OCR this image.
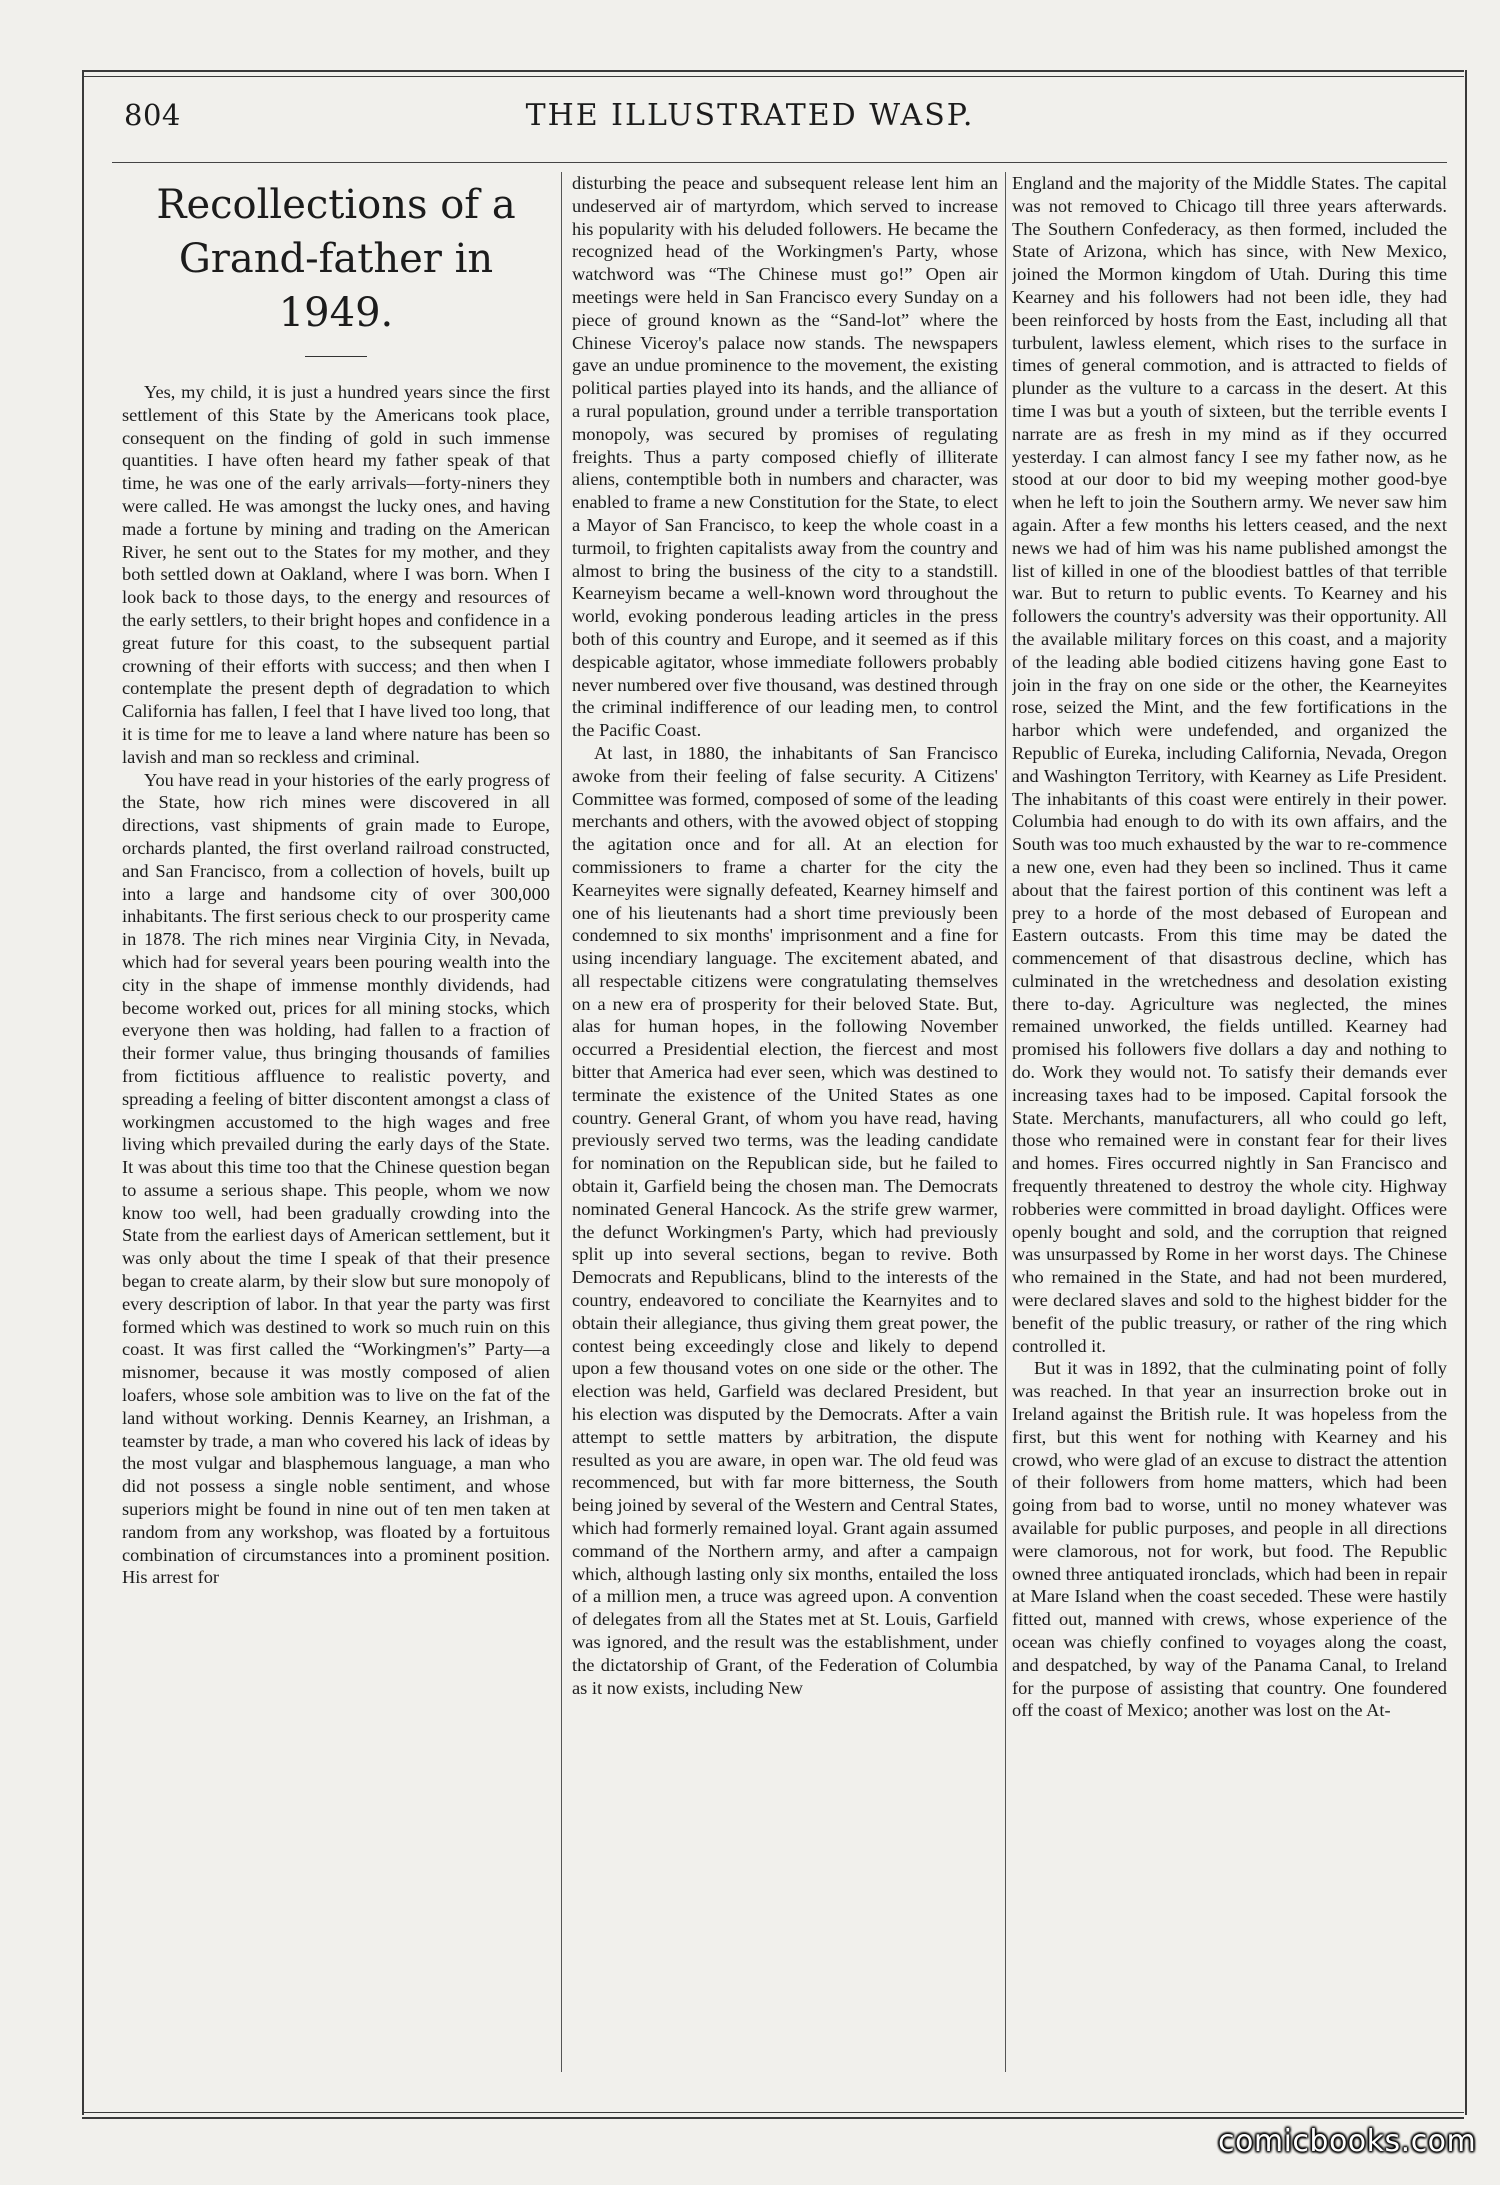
804	THE ILLUSTRATED WASP.
Recollections of a Grand-father in 1949.

Yes, my child, it is just a hundred years since the first settlement of this State by the Americans took place, consequent on the finding of gold in such immense quantities. I have often heard my father speak of that time, he was one of the early arrivals—forty-niners they were called. He was amongst the lucky ones, and having made a fortune by mining and trading on the American River, he sent out to the States for my mother, and they both settled down at Oakland, where I was born. When I look back to those days, to the energy and resources of the early settlers, to their bright hopes and confidence in a great future for this coast, to the subsequent partial crowning of their efforts with success; and then when I contemplate the present depth of degradation to which California has fallen, I feel that I have lived too long, that it is time for me to leave a land where nature has been so lavish and man so reckless and criminal.

You have read in your histories of the early progress of the State, how rich mines were discovered in all directions, vast shipments of grain made to Europe, orchards planted, the first overland railroad constructed, and San Francisco, from a collection of hovels, built up into a large and handsome city of over 300,000 inhabitants. The first serious check to our prosperity came in 1878. The rich mines near Virginia City, in Nevada, which had for several years been pouring wealth into the city in the shape of immense monthly dividends, had become worked out, prices for all mining stocks, which everyone then was holding, had fallen to a fraction of their former value, thus bringing thousands of families from fictitious affluence to realistic poverty, and spreading a feeling of bitter discontent amongst a class of workingmen accustomed to the high wages and free living which prevailed during the early days of the State. It was about this time too that the Chinese question began to assume a serious shape. This people, whom we now know too well, had been gradually crowding into the State from the earliest days of American settlement, but it was only about the time I speak of that their presence began to create alarm, by their slow but sure monopoly of every description of labor. In that year the party was first formed which was destined to work so much ruin on this coast. It was first called the “Workingmen's” Party—a misnomer, because it was mostly composed of alien loafers, whose sole ambition was to live on the fat of the land without working. Dennis Kearney, an Irishman, a teamster by trade, a man who covered his lack of ideas by the most vulgar and blasphemous language, a man who did not possess a single noble sentiment, and whose superiors might be found in nine out of ten men taken at random from any workshop, was floated by a fortuitous combination of circumstances into a prominent position. His arrest for

disturbing the peace and subsequent release lent him an undeserved air of martyrdom, which served to increase his popularity with his deluded followers. He became the recognized head of the Workingmen's Party, whose watchword was “The Chinese must go!” Open air meetings were held in San Francisco every Sunday on a piece of ground known as the “Sand-lot” where the Chinese Viceroy's palace now stands. The newspapers gave an undue prominence to the movement, the existing political parties played into its hands, and the alliance of a rural population, ground under a terrible transportation monopoly, was secured by promises of regulating freights. Thus a party composed chiefly of illiterate aliens, contemptible both in numbers and character, was enabled to frame a new Constitution for the State, to elect a Mayor of San Francisco, to keep the whole coast in a turmoil, to frighten capitalists away from the country and almost to bring the business of the city to a standstill. Kearneyism became a well-known word throughout the world, evoking ponderous leading articles in the press both of this country and Europe, and it seemed as if this despicable agitator, whose immediate followers probably never numbered over five thousand, was destined through the criminal indifference of our leading men, to control the Pacific Coast.

At last, in 1880, the inhabitants of San Francisco awoke from their feeling of false security. A Citizens' Committee was formed, composed of some of the leading merchants and others, with the avowed object of stopping the agitation once and for all. At an election for commissioners to frame a charter for the city the Kearneyites were signally defeated, Kearney himself and one of his lieutenants had a short time previously been condemned to six months' imprisonment and a fine for using incendiary language. The excitement abated, and all respectable citizens were congratulating themselves on a new era of prosperity for their beloved State. But, alas for human hopes, in the following November occurred a Presidential election, the fiercest and most bitter that America had ever seen, which was destined to terminate the existence of the United States as one country. General Grant, of whom you have read, having previously served two terms, was the leading candidate for nomination on the Republican side, but he failed to obtain it, Garfield being the chosen man. The Democrats nominated General Hancock. As the strife grew warmer, the defunct Workingmen's Party, which had previously split up into several sections, began to revive. Both Democrats and Republicans, blind to the interests of the country, endeavored to conciliate the Kearnyites and to obtain their allegiance, thus giving them great power, the contest being exceedingly close and likely to depend upon a few thousand votes on one side or the other. The election was held, Garfield was declared President, but his election was disputed by the Democrats. After a vain attempt to settle matters by arbitration, the dispute resulted as you are aware, in open war. The old feud was recommenced, but with far more bitterness, the South being joined by several of the Western and Central States, which had formerly remained loyal. Grant again assumed command of the Northern army, and after a campaign which, although lasting only six months, entailed the loss of a million men, a truce was agreed upon. A convention of delegates from all the States met at St. Louis, Garfield was ignored, and the result was the establishment, under the dictatorship of Grant, of the Federation of Columbia as it now exists, including New

England and the majority of the Middle States. The capital was not removed to Chicago till three years afterwards. The Southern Confederacy, as then formed, included the State of Arizona, which has since, with New Mexico, joined the Mormon kingdom of Utah. During this time Kearney and his followers had not been idle, they had been reinforced by hosts from the East, including all that turbulent, lawless element, which rises to the surface in times of general commotion, and is attracted to fields of plunder as the vulture to a carcass in the desert. At this time I was but a youth of sixteen, but the terrible events I narrate are as fresh in my mind as if they occurred yesterday. I can almost fancy I see my father now, as he stood at our door to bid my weeping mother good-bye when he left to join the Southern army. We never saw him again. After a few months his letters ceased, and the next news we had of him was his name published amongst the list of killed in one of the bloodiest battles of that terrible war. But to return to public events. To Kearney and his followers the country's adversity was their opportunity. All the available military forces on this coast, and a majority of the leading able bodied citizens having gone East to join in the fray on one side or the other, the Kearneyites rose, seized the Mint, and the few fortifications in the harbor which were undefended, and organized the Republic of Eureka, including California, Nevada, Oregon and Washington Territory, with Kearney as Life President. The inhabitants of this coast were entirely in their power. Columbia had enough to do with its own affairs, and the South was too much exhausted by the war to re-commence a new one, even had they been so inclined. Thus it came about that the fairest portion of this continent was left a prey to a horde of the most debased of European and Eastern outcasts. From this time may be dated the commencement of that disastrous decline, which has culminated in the wretchedness and desolation existing there to-day. Agriculture was neglected, the mines remained unworked, the fields untilled. Kearney had promised his followers five dollars a day and nothing to do. Work they would not. To satisfy their demands ever increasing taxes had to be imposed. Capital forsook the State. Merchants, manufacturers, all who could go left, those who remained were in constant fear for their lives and homes. Fires occurred nightly in San Francisco and frequently threatened to destroy the whole city. Highway robberies were committed in broad daylight. Offices were openly bought and sold, and the corruption that reigned was unsurpassed by Rome in her worst days. The Chinese who remained in the State, and had not been murdered, were declared slaves and sold to the highest bidder for the benefit of the public treasury, or rather of the ring which controlled it.

But it was in 1892, that the culminating point of folly was reached. In that year an insurrection broke out in Ireland against the British rule. It was hopeless from the first, but this went for nothing with Kearney and his crowd, who were glad of an excuse to distract the attention of their followers from home matters, which had been going from bad to worse, until no money whatever was available for public purposes, and people in all directions were clamorous, not for work, but food. The Republic owned three antiquated ironclads, which had been in repair at Mare Island when the coast seceded. These were hastily fitted out, manned with crews, whose experience of the ocean was chiefly confined to voyages along the coast, and despatched, by way of the Panama Canal, to Ireland for the purpose of assisting that country. One foundered off the coast of Mexico; another was lost on the At-

comicbooks.com
